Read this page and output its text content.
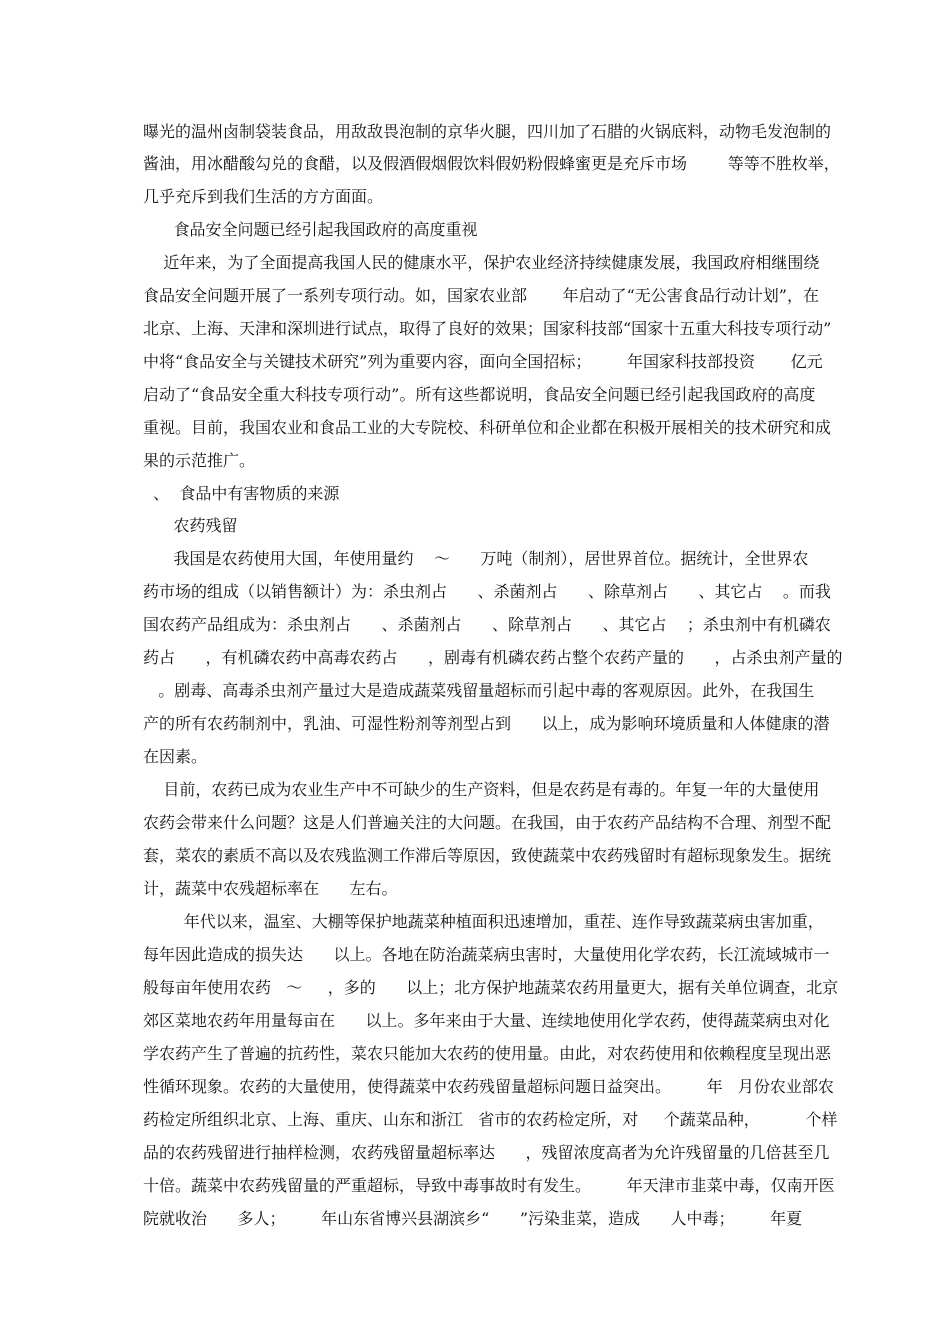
曝光的温州卤制袋装食品，用敌敌畏泡制的京华火腿，四川加了石腊的火锅底料，动物毛发泡制的

酱油，用冰醋酸勾兑的食醋，以及假酒假烟假饮料假奶粉假蜂蜜更是充斥市场        等等不胜枚举，

几乎充斥到我们生活的方方面面。

食品安全问题已经引起我国政府的高度重视

近年来，为了全面提高我国人民的健康水平，保护农业经济持续健康发展，我国政府相继围绕

食品安全问题开展了一系列专项行动。如，国家农业部       年启动了“无公害食品行动计划”，在

北京、上海、天津和深圳进行试点，取得了良好的效果；国家科技部“国家十五重大科技专项行动”

中将“食品安全与关键技术研究”列为重要内容，面向全国招标；       年国家科技部投资       亿元

启动了“食品安全重大科技专项行动”。所有这些都说明，食品安全问题已经引起我国政府的高度

重视。目前，我国农业和食品工业的大专院校、科研单位和企业都在积极开展相关的技术研究和成

果的示范推广。

、  食品中有害物质的来源

农药残留

我国是农药使用大国，年使用量约    ～      万吨（制剂），居世界首位。据统计，全世界农

药市场的组成（以销售额计）为：杀虫剂占      、杀菌剂占      、除草剂占      、其它占    。而我

国农药产品组成为：杀虫剂占      、杀菌剂占      、除草剂占      、其它占    ；杀虫剂中有机磷农

药占      ，有机磷农药中高毒农药占      ，剧毒有机磷农药占整个农药产量的      ，占杀虫剂产量的

。剧毒、高毒杀虫剂产量过大是造成蔬菜残留量超标而引起中毒的客观原因。此外，在我国生

产的所有农药制剂中，乳油、可湿性粉剂等剂型占到      以上，成为影响环境质量和人体健康的潜

在因素。

目前，农药已成为农业生产中不可缺少的生产资料，但是农药是有毒的。年复一年的大量使用

农药会带来什么问题？这是人们普遍关注的大问题。在我国，由于农药产品结构不合理、剂型不配

套，菜农的素质不高以及农残监测工作滞后等原因，致使蔬菜中农药残留时有超标现象发生。据统

计，蔬菜中农残超标率在      左右。

年代以来，温室、大棚等保护地蔬菜种植面积迅速增加，重茬、连作导致蔬菜病虫害加重，

每年因此造成的损失达      以上。各地在防治蔬菜病虫害时，大量使用化学农药，长江流域城市一

般每亩年使用农药   ～     ，多的      以上；北方保护地蔬菜农药用量更大，据有关单位调查，北京

郊区菜地农药年用量每亩在      以上。多年来由于大量、连续地使用化学农药，使得蔬菜病虫对化

学农药产生了普遍的抗药性，菜农只能加大农药的使用量。由此，对农药使用和依赖程度呈现出恶

性循环现象。农药的大量使用，使得蔬菜中农药残留量超标问题日益突出。       年   月份农业部农

药检定所组织北京、上海、重庆、山东和浙江   省市的农药检定所，对     个蔬菜品种，         个样

品的农药残留进行抽样检测，农药残留量超标率达      ，残留浓度高者为允许残留量的几倍甚至几

十倍。蔬菜中农药残留量的严重超标，导致中毒事故时有发生。       年天津市韭菜中毒，仅南开医

院就收治      多人；       年山东省博兴县湖滨乡“      ”污染韭菜，造成      人中毒；       年夏
